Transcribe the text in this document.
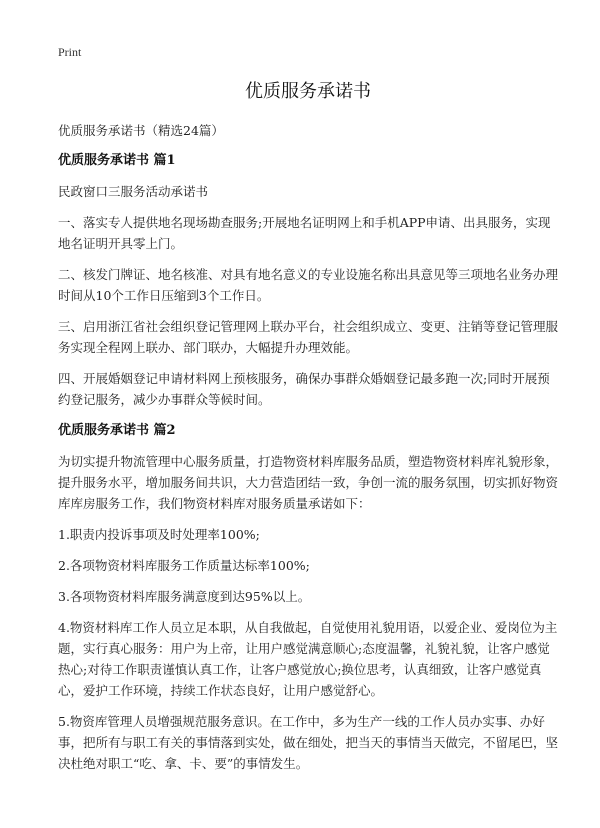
Print
优质服务承诺书

优质服务承诺书（精选24篇）

优质服务承诺书 篇1

民政窗口三服务活动承诺书

一、落实专人提供地名现场勘查服务;开展地名证明网上和手机APP申请、出具服务，实现地名证明开具零上门。

二、核发门牌证、地名核准、对具有地名意义的专业设施名称出具意见等三项地名业务办理时间从10个工作日压缩到3个工作日。

三、启用浙江省社会组织登记管理网上联办平台，社会组织成立、变更、注销等登记管理服务实现全程网上联办、部门联办，大幅提升办理效能。

四、开展婚姻登记申请材料网上预核服务，确保办事群众婚姻登记最多跑一次;同时开展预约登记服务，减少办事群众等候时间。

优质服务承诺书 篇2

为切实提升物流管理中心服务质量，打造物资材料库服务品质，塑造物资材料库礼貌形象，提升服务水平，增加服务间共识，大力营造团结一致，争创一流的服务氛围，切实抓好物资库库房服务工作，我们物资材料库对服务质量承诺如下：

1.职责内投诉事项及时处理率100%;

2.各项物资材料库服务工作质量达标率100%;

3.各项物资材料库服务满意度到达95%以上。

4.物资材料库工作人员立足本职，从自我做起，自觉使用礼貌用语，以爱企业、爱岗位为主题，实行真心服务：用户为上帝，让用户感觉满意顺心;态度温馨，礼貌礼貌，让客户感觉热心;对待工作职责谨慎认真工作，让客户感觉放心;换位思考，认真细致，让客户感觉真心，爱护工作环境，持续工作状态良好，让用户感觉舒心。

5.物资库管理人员增强规范服务意识。在工作中，多为生产一线的工作人员办实事、办好事，把所有与职工有关的事情落到实处，做在细处，把当天的事情当天做完，不留尾巴，坚决杜绝对职工“吃、拿、卡、要”的事情发生。
